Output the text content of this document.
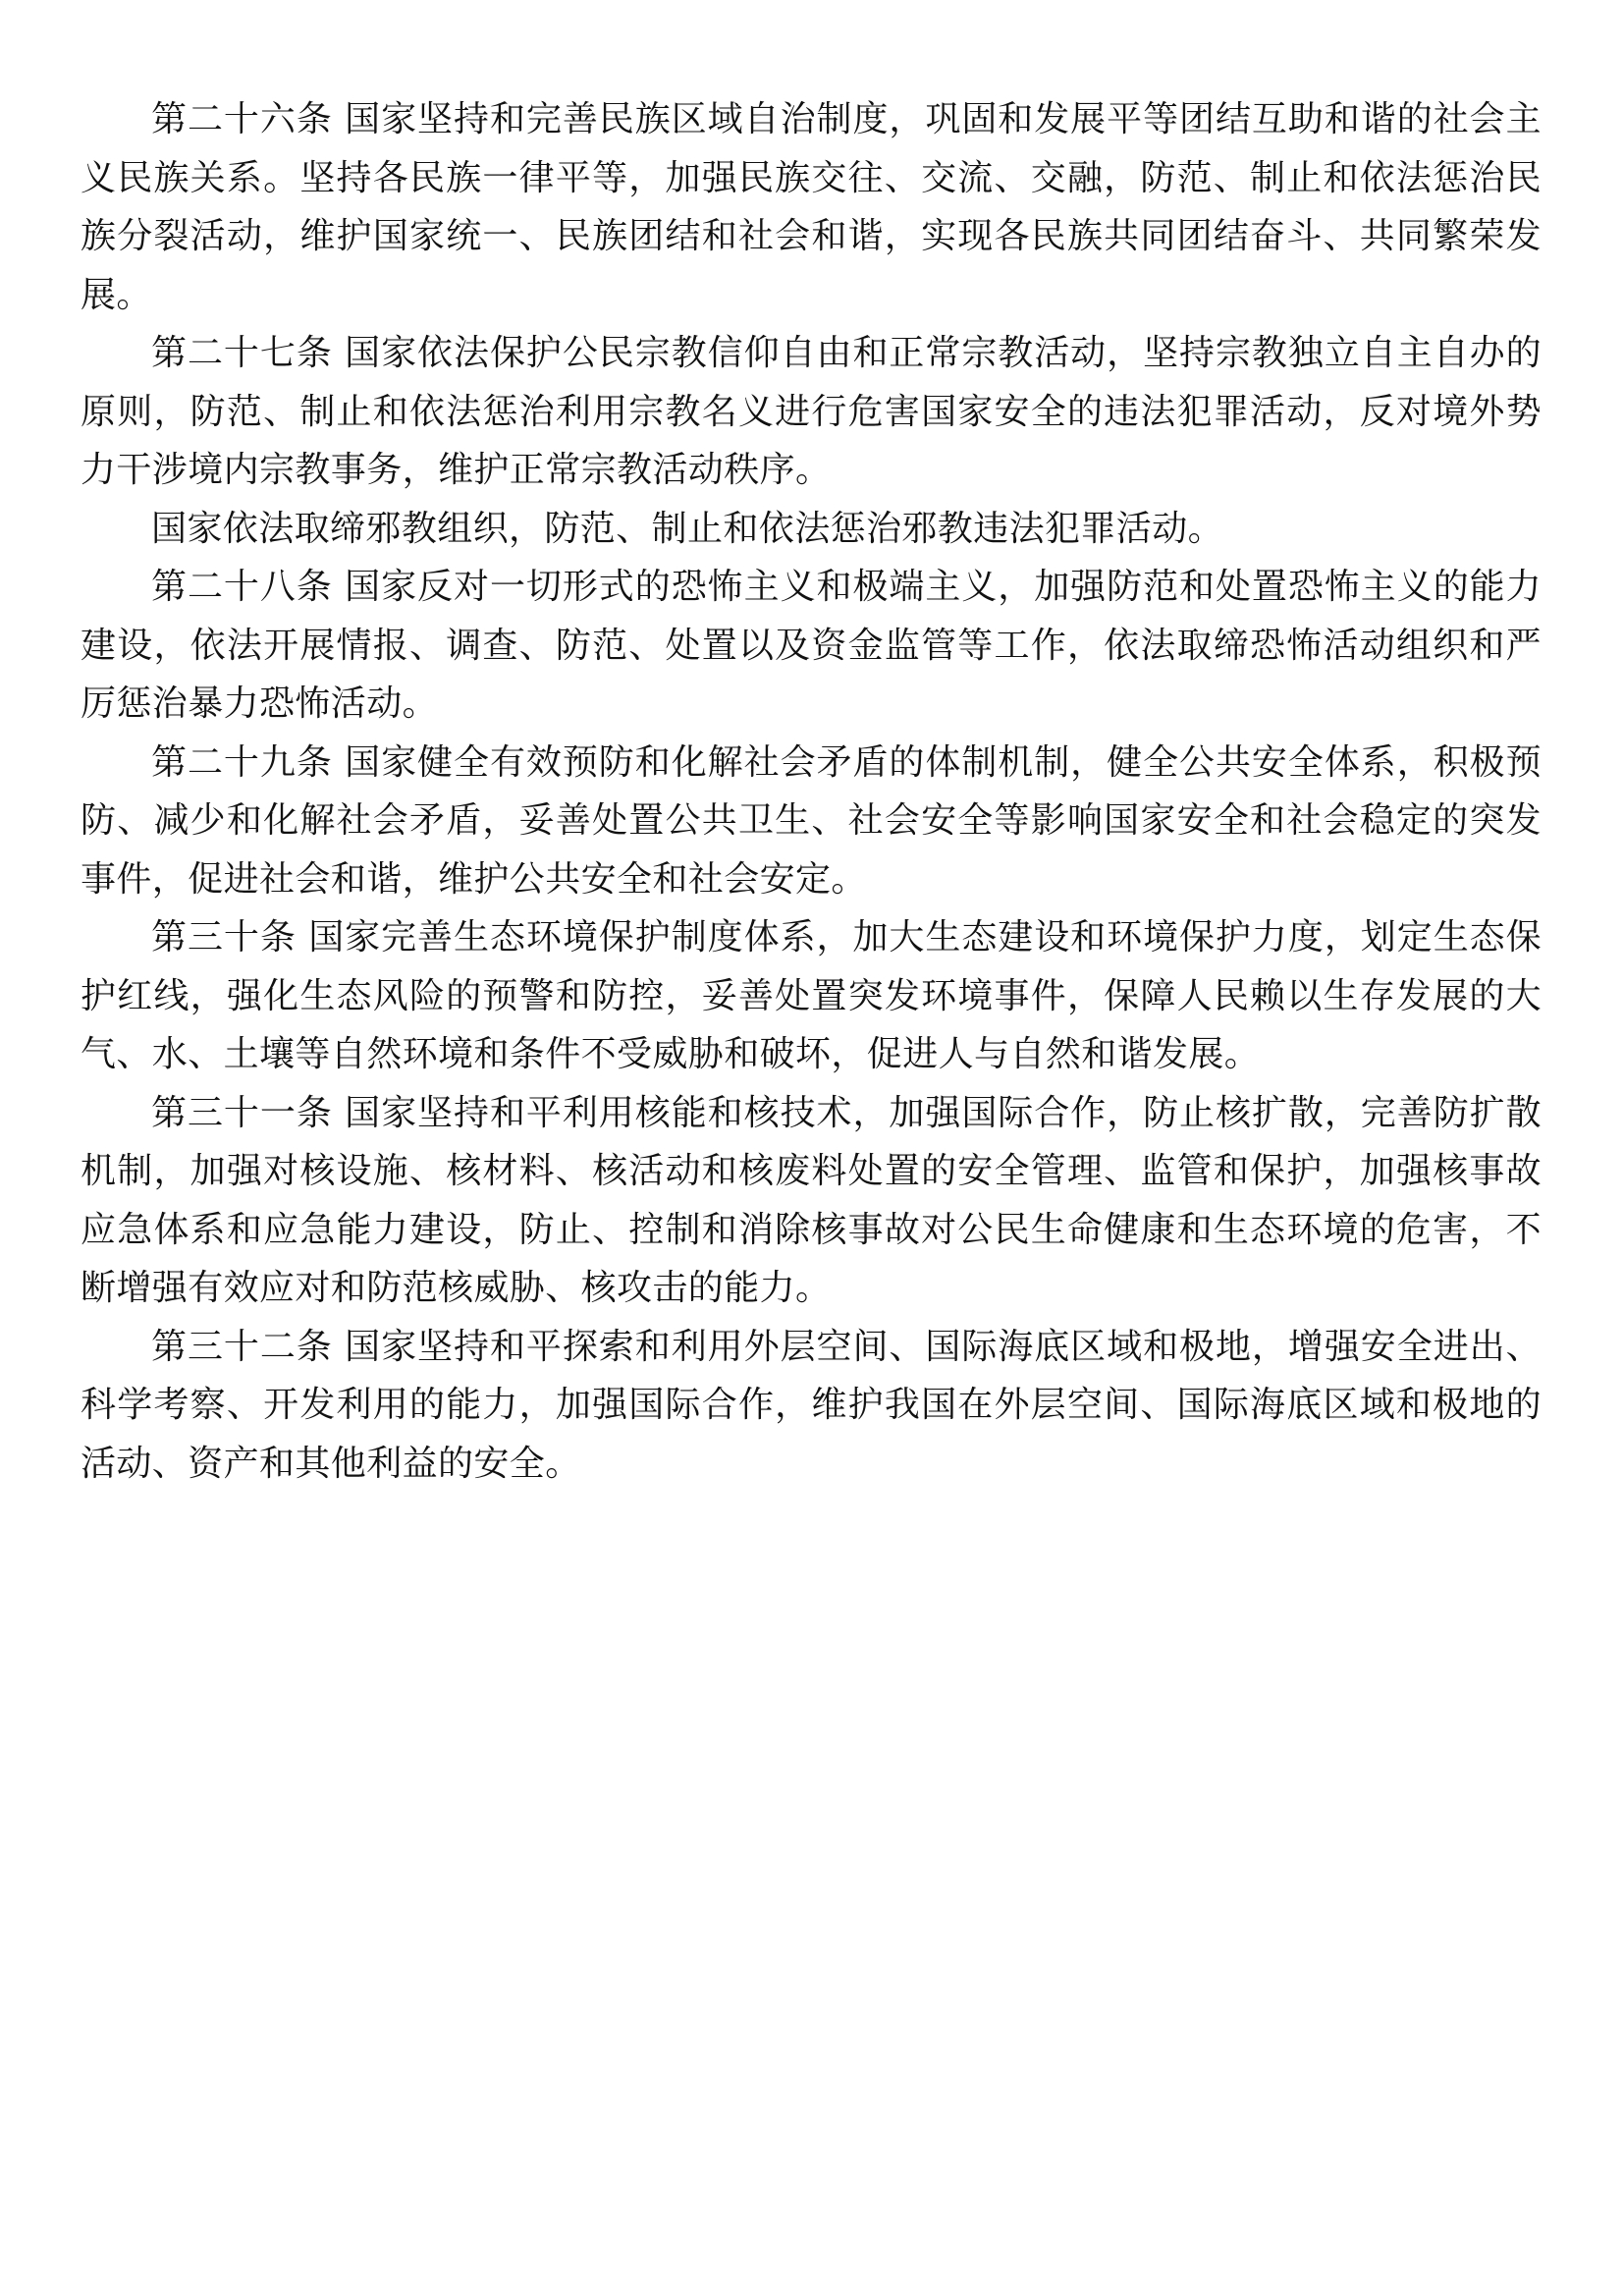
第二十六条 国家坚持和完善民族区域自治制度，巩固和发展平等团结互助和谐的社会主义民族关系。坚持各民族一律平等，加强民族交往、交流、交融，防范、制止和依法惩治民族分裂活动，维护国家统一、民族团结和社会和谐，实现各民族共同团结奋斗、共同繁荣发展。

第二十七条 国家依法保护公民宗教信仰自由和正常宗教活动，坚持宗教独立自主自办的原则，防范、制止和依法惩治利用宗教名义进行危害国家安全的违法犯罪活动，反对境外势力干涉境内宗教事务，维护正常宗教活动秩序。

国家依法取缔邪教组织，防范、制止和依法惩治邪教违法犯罪活动。

第二十八条 国家反对一切形式的恐怖主义和极端主义，加强防范和处置恐怖主义的能力建设，依法开展情报、调查、防范、处置以及资金监管等工作，依法取缔恐怖活动组织和严厉惩治暴力恐怖活动。

第二十九条 国家健全有效预防和化解社会矛盾的体制机制，健全公共安全体系，积极预防、减少和化解社会矛盾，妥善处置公共卫生、社会安全等影响国家安全和社会稳定的突发事件，促进社会和谐，维护公共安全和社会安定。

第三十条 国家完善生态环境保护制度体系，加大生态建设和环境保护力度，划定生态保护红线，强化生态风险的预警和防控，妥善处置突发环境事件，保障人民赖以生存发展的大气、水、土壤等自然环境和条件不受威胁和破坏，促进人与自然和谐发展。

第三十一条 国家坚持和平利用核能和核技术，加强国际合作，防止核扩散，完善防扩散机制，加强对核设施、核材料、核活动和核废料处置的安全管理、监管和保护，加强核事故应急体系和应急能力建设，防止、控制和消除核事故对公民生命健康和生态环境的危害，不断增强有效应对和防范核威胁、核攻击的能力。

第三十二条 国家坚持和平探索和利用外层空间、国际海底区域和极地，增强安全进出、科学考察、开发利用的能力，加强国际合作，维护我国在外层空间、国际海底区域和极地的活动、资产和其他利益的安全。
